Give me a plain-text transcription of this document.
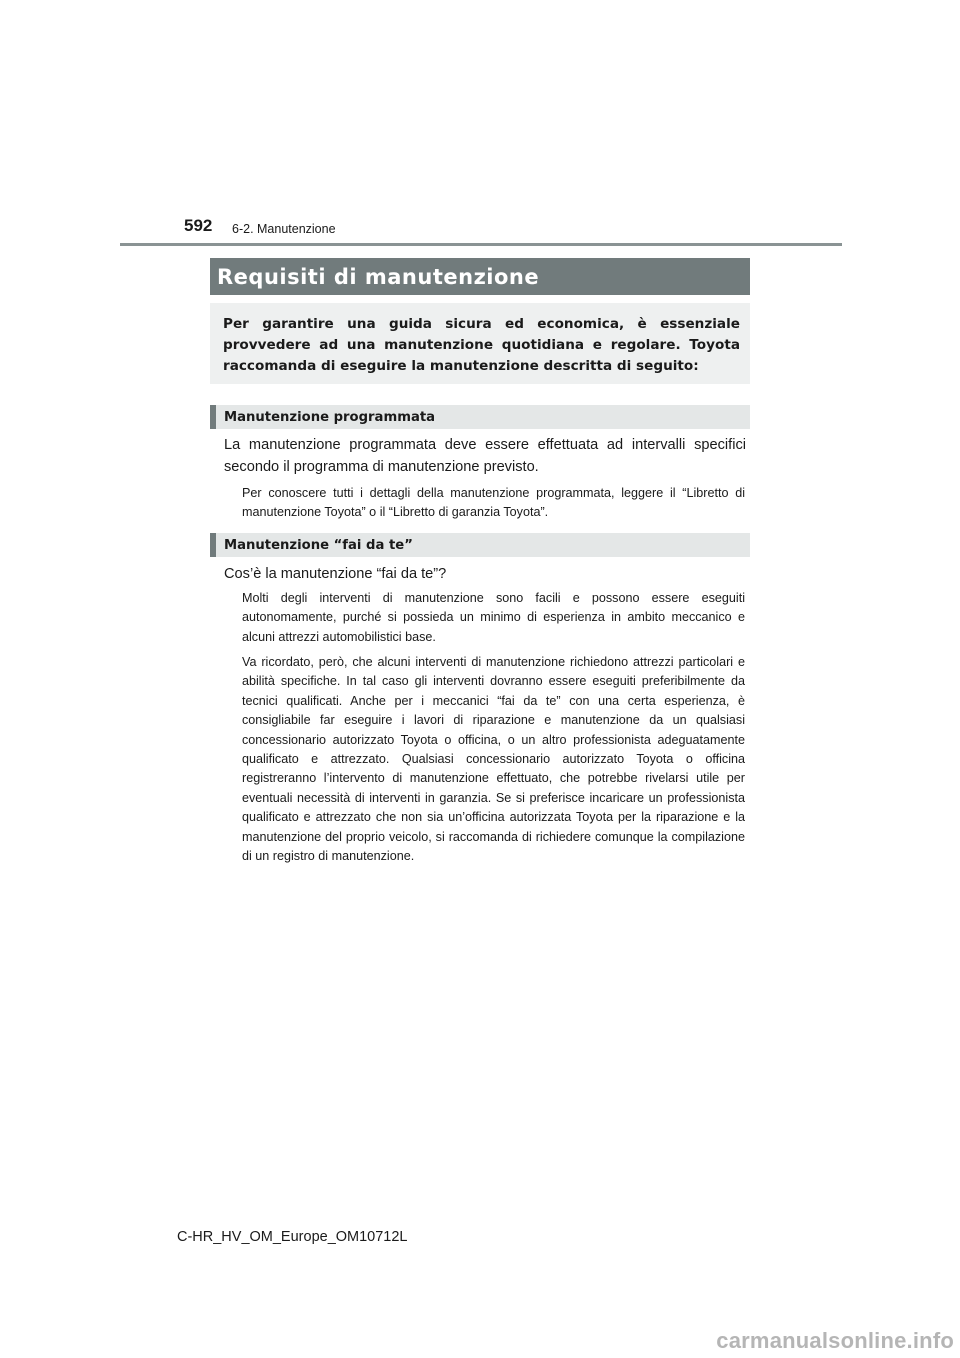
592 6-2. Manutenzione
Requisiti di manutenzione

Per garantire una guida sicura ed economica, è essenziale provvedere ad una manutenzione quotidiana e regolare. Toyota raccomanda di eseguire la manutenzione descritta di seguito:

Manutenzione programmata

La manutenzione programmata deve essere effettuata ad intervalli specifici secondo il programma di manutenzione previsto.

Per conoscere tutti i dettagli della manutenzione programmata, leggere il “Libretto di manutenzione Toyota” o il “Libretto di garanzia Toyota”.

Manutenzione “fai da te”

Cos’è la manutenzione “fai da te”?

Molti degli interventi di manutenzione sono facili e possono essere eseguiti autonomamente, purché si possieda un minimo di esperienza in ambito meccanico e alcuni attrezzi automobilistici base.

Va ricordato, però, che alcuni interventi di manutenzione richiedono attrezzi particolari e abilità specifiche. In tal caso gli interventi dovranno essere eseguiti preferibilmente da tecnici qualificati. Anche per i meccanici “fai da te” con una certa esperienza, è consigliabile far eseguire i lavori di riparazione e manutenzione da un qualsiasi concessionario autorizzato Toyota o officina, o un altro professionista adeguatamente qualificato e attrezzato. Qualsiasi concessionario autorizzato Toyota o officina registreranno l’intervento di manutenzione effettuato, che potrebbe rivelarsi utile per eventuali necessità di interventi in garanzia. Se si preferisce incaricare un professionista qualificato e attrezzato che non sia un’officina autorizzata Toyota per la riparazione e la manutenzione del proprio veicolo, si raccomanda di richiedere comunque la compilazione di un registro di manutenzione.

C-HR_HV_OM_Europe_OM10712L
carmanualsonline.info
